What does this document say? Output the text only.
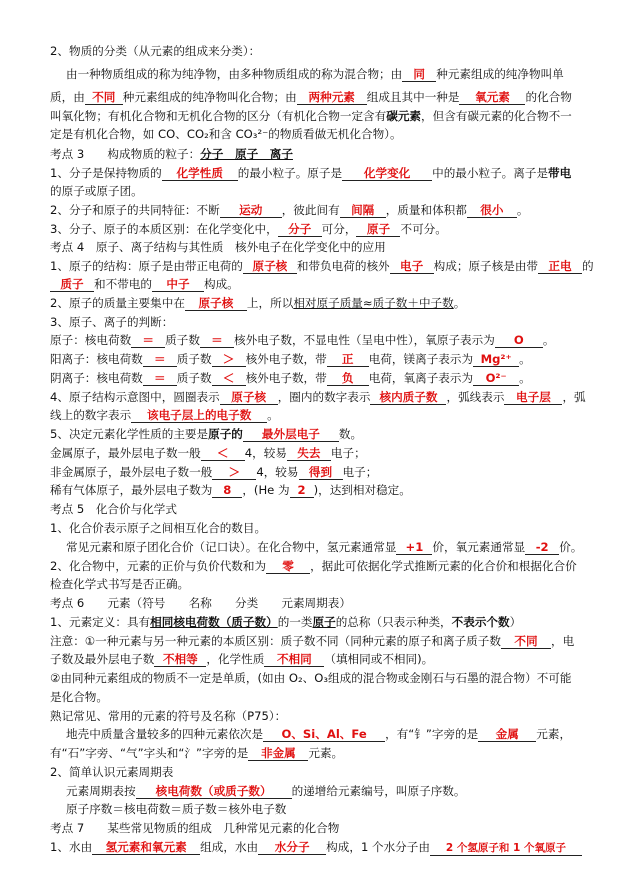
2、物质的分类（从元素的组成来分类）：
由一种物质组成的称为纯净物，由多种物质组成的称为混合物；由 同 种元素组成的纯净物叫单
质，由 不同 种元素组成的纯净物叫化合物；由 两种元素 组成且其中一种是 氧元素 的化合物
叫氧化物；有机化合物和无机化合物的区分（有机化合物一定含有碳元素，但含有碳元素的化合物不一
定是有机化合物，如 CO、CO₂和含 CO₃²⁻的物质看做无机化合物）。
考点 3　　构成物质的粒子：分子　原子　离子
1、分子是保持物质的 化学性质 的最小粒子。原子是 化学变化 中的最小粒子。离子是带电
的原子或原子团。
2、分子和原子的共同特征：不断 运动 ，彼此间有 间隔 ，质量和体积都 很小 。
3、分子、原子的本质区别：在化学变化中， 分子 可分， 原子 不可分。
考点 4　原子、离子结构与其性质　核外电子在化学变化中的应用
1、原子的结构：原子是由带正电荷的 原子核 和带负电荷的核外 电子 构成；原子核是由带 正电 的
质子 和不带电的 中子 构成。
2、原子的质量主要集中在 原子核 上，所以相对原子质量≈质子数＋中子数。
3、原子、离子的判断：
原子：核电荷数 ＝ 质子数 ＝ 核外电子数，不显电性（呈电中性），氧原子表示为 O 。
阳离子：核电荷数 ＝ 质子数 ＞ 核外电子数，带 正 电荷，镁离子表示为 Mg²⁺ 。
阴离子：核电荷数 ＝ 质子数 ＜ 核外电子数，带 负 电荷，氧离子表示为 O²⁻ 。
4、原子结构示意图中，圆圈表示 原子核 ，圈内的数字表示 核内质子数 ，弧线表示 电子层 ，弧
线上的数字表示 该电子层上的电子数 。
5、决定元素化学性质的主要是原子的 最外层电子 数。
金属原子，最外层电子数一般 ＜ 4，较易 失去 电子；
非金属原子，最外层电子数一般 ＞ 4，较易 得到 电子；
稀有气体原子，最外层电子数为 8 ，(He 为 2 )，达到相对稳定。
考点 5　化合价与化学式
1、化合价表示原子之间相互化合的数目。
常见元素和原子团化合价（记口诀）。在化合物中，氢元素通常显 +1 价，氧元素通常显 -2 价。
2、化合物中，元素的正价与负价代数和为 零 ，据此可依据化学式推断元素的化合价和根据化合价
检查化学式书写是否正确。
考点 6　　元素（符号　　名称　　分类　　元素周期表）
1、元素定义：具有相同核电荷数（质子数）的一类原子的总称（只表示种类，不表示个数）
注意：①一种元素与另一种元素的本质区别：质子数不同（同种元素的原子和离子质子数 不同 ，电
子数及最外层电子数 不相等 ，化学性质 不相同 （填相同或不相同)。
②由同种元素组成的物质不一定是单质，(如由 O₂、O₃组成的混合物或金刚石与石墨的混合物）不可能
是化合物。
熟记常见、常用的元素的符号及名称（P75）：
地壳中质量含量较多的四种元素依次是 O、Si、Al、Fe ，有“钅”字旁的是 金属 元素，
有“石”字旁、“气”字头和“氵”字旁的是 非金属 元素。
2、简单认识元素周期表
元素周期表按 核电荷数（或质子数） 的递增给元素编号，叫原子序数。
原子序数＝核电荷数＝质子数＝核外电子数
考点 7　　某些常见物质的组成　几种常见元素的化合物
1、水由 氢元素和氧元素 组成，水由 水分子 构成，1 个水分子由 2 个氢原子和 1 个氧原子
